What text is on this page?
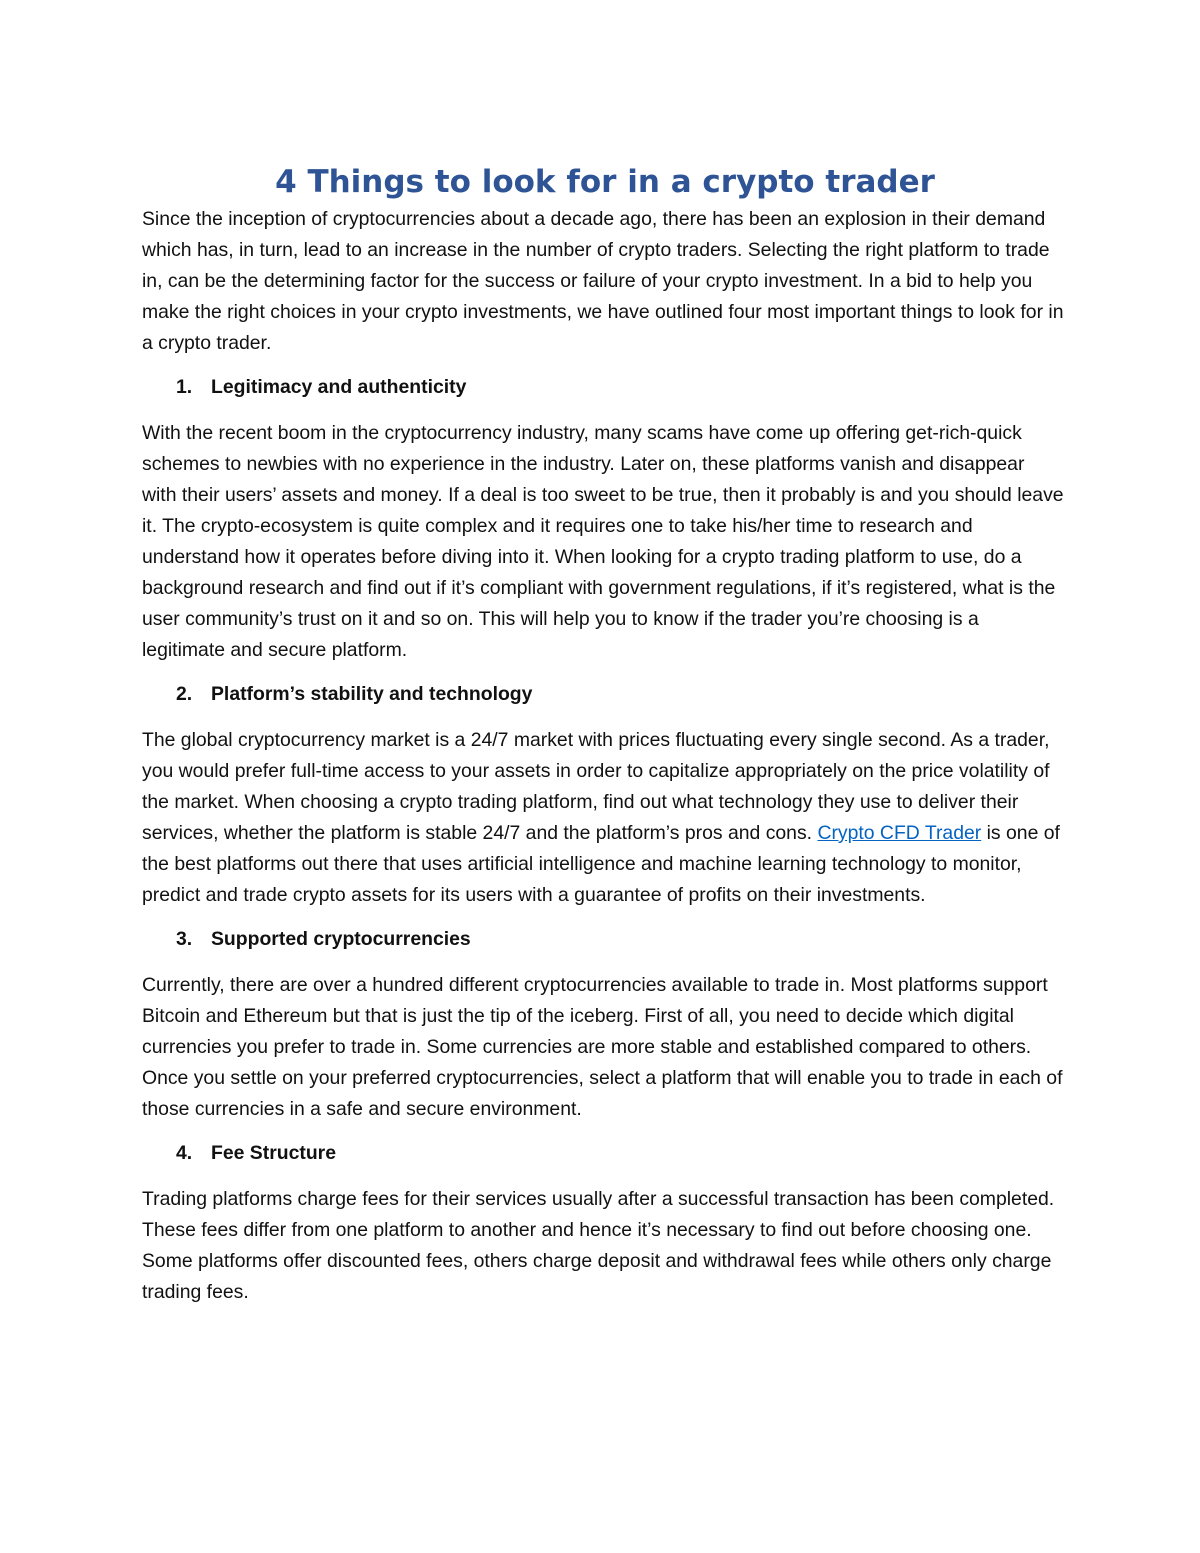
4 Things to look for in a crypto trader

Since the inception of cryptocurrencies about a decade ago, there has been an explosion in their demand which has, in turn, lead to an increase in the number of crypto traders. Selecting the right platform to trade in, can be the determining factor for the success or failure of your crypto investment. In a bid to help you make the right choices in your crypto investments, we have outlined four most important things to look for in a crypto trader.

1. Legitimacy and authenticity

With the recent boom in the cryptocurrency industry, many scams have come up offering get-rich-quick schemes to newbies with no experience in the industry. Later on, these platforms vanish and disappear with their users’ assets and money. If a deal is too sweet to be true, then it probably is and you should leave it. The crypto-ecosystem is quite complex and it requires one to take his/her time to research and understand how it operates before diving into it. When looking for a crypto trading platform to use, do a background research and find out if it’s compliant with government regulations, if it’s registered, what is the user community’s trust on it and so on. This will help you to know if the trader you’re choosing is a legitimate and secure platform.

2. Platform’s stability and technology

The global cryptocurrency market is a 24/7 market with prices fluctuating every single second. As a trader, you would prefer full-time access to your assets in order to capitalize appropriately on the price volatility of the market. When choosing a crypto trading platform, find out what technology they use to deliver their services, whether the platform is stable 24/7 and the platform’s pros and cons. Crypto CFD Trader is one of the best platforms out there that uses artificial intelligence and machine learning technology to monitor, predict and trade crypto assets for its users with a guarantee of profits on their investments.

3. Supported cryptocurrencies

Currently, there are over a hundred different cryptocurrencies available to trade in. Most platforms support Bitcoin and Ethereum but that is just the tip of the iceberg. First of all, you need to decide which digital currencies you prefer to trade in. Some currencies are more stable and established compared to others. Once you settle on your preferred cryptocurrencies, select a platform that will enable you to trade in each of those currencies in a safe and secure environment.

4. Fee Structure

Trading platforms charge fees for their services usually after a successful transaction has been completed. These fees differ from one platform to another and hence it’s necessary to find out before choosing one. Some platforms offer discounted fees, others charge deposit and withdrawal fees while others only charge trading fees.
